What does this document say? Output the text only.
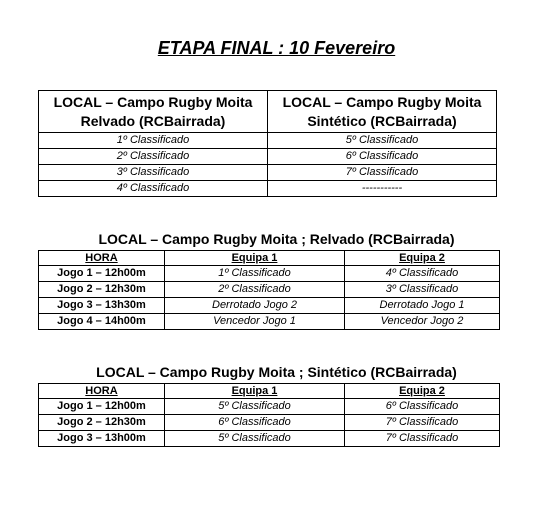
ETAPA FINAL : 10 Fevereiro
LOCAL – Campo Rugby Moita Relvado (RCBairrada)	LOCAL – Campo Rugby Moita Sintético (RCBairrada)
1º Classificado	5º Classificado
2º Classificado	6º Classificado
3º Classificado	7º Classificado
4º Classificado	-----------
LOCAL – Campo Rugby Moita ; Relvado (RCBairrada)
HORA	Equipa 1	Equipa 2
Jogo 1 – 12h00m	1º Classificado	4º Classificado
Jogo 2 – 12h30m	2º Classificado	3º Classificado
Jogo 3 – 13h30m	Derrotado Jogo 2	Derrotado Jogo 1
Jogo 4 – 14h00m	Vencedor Jogo 1	Vencedor Jogo 2
LOCAL – Campo Rugby Moita ; Sintético (RCBairrada)
HORA	Equipa 1	Equipa 2
Jogo 1 – 12h00m	5º Classificado	6º Classificado
Jogo 2 – 12h30m	6º Classificado	7º Classificado
Jogo 3 – 13h00m	5º Classificado	7º Classificado
